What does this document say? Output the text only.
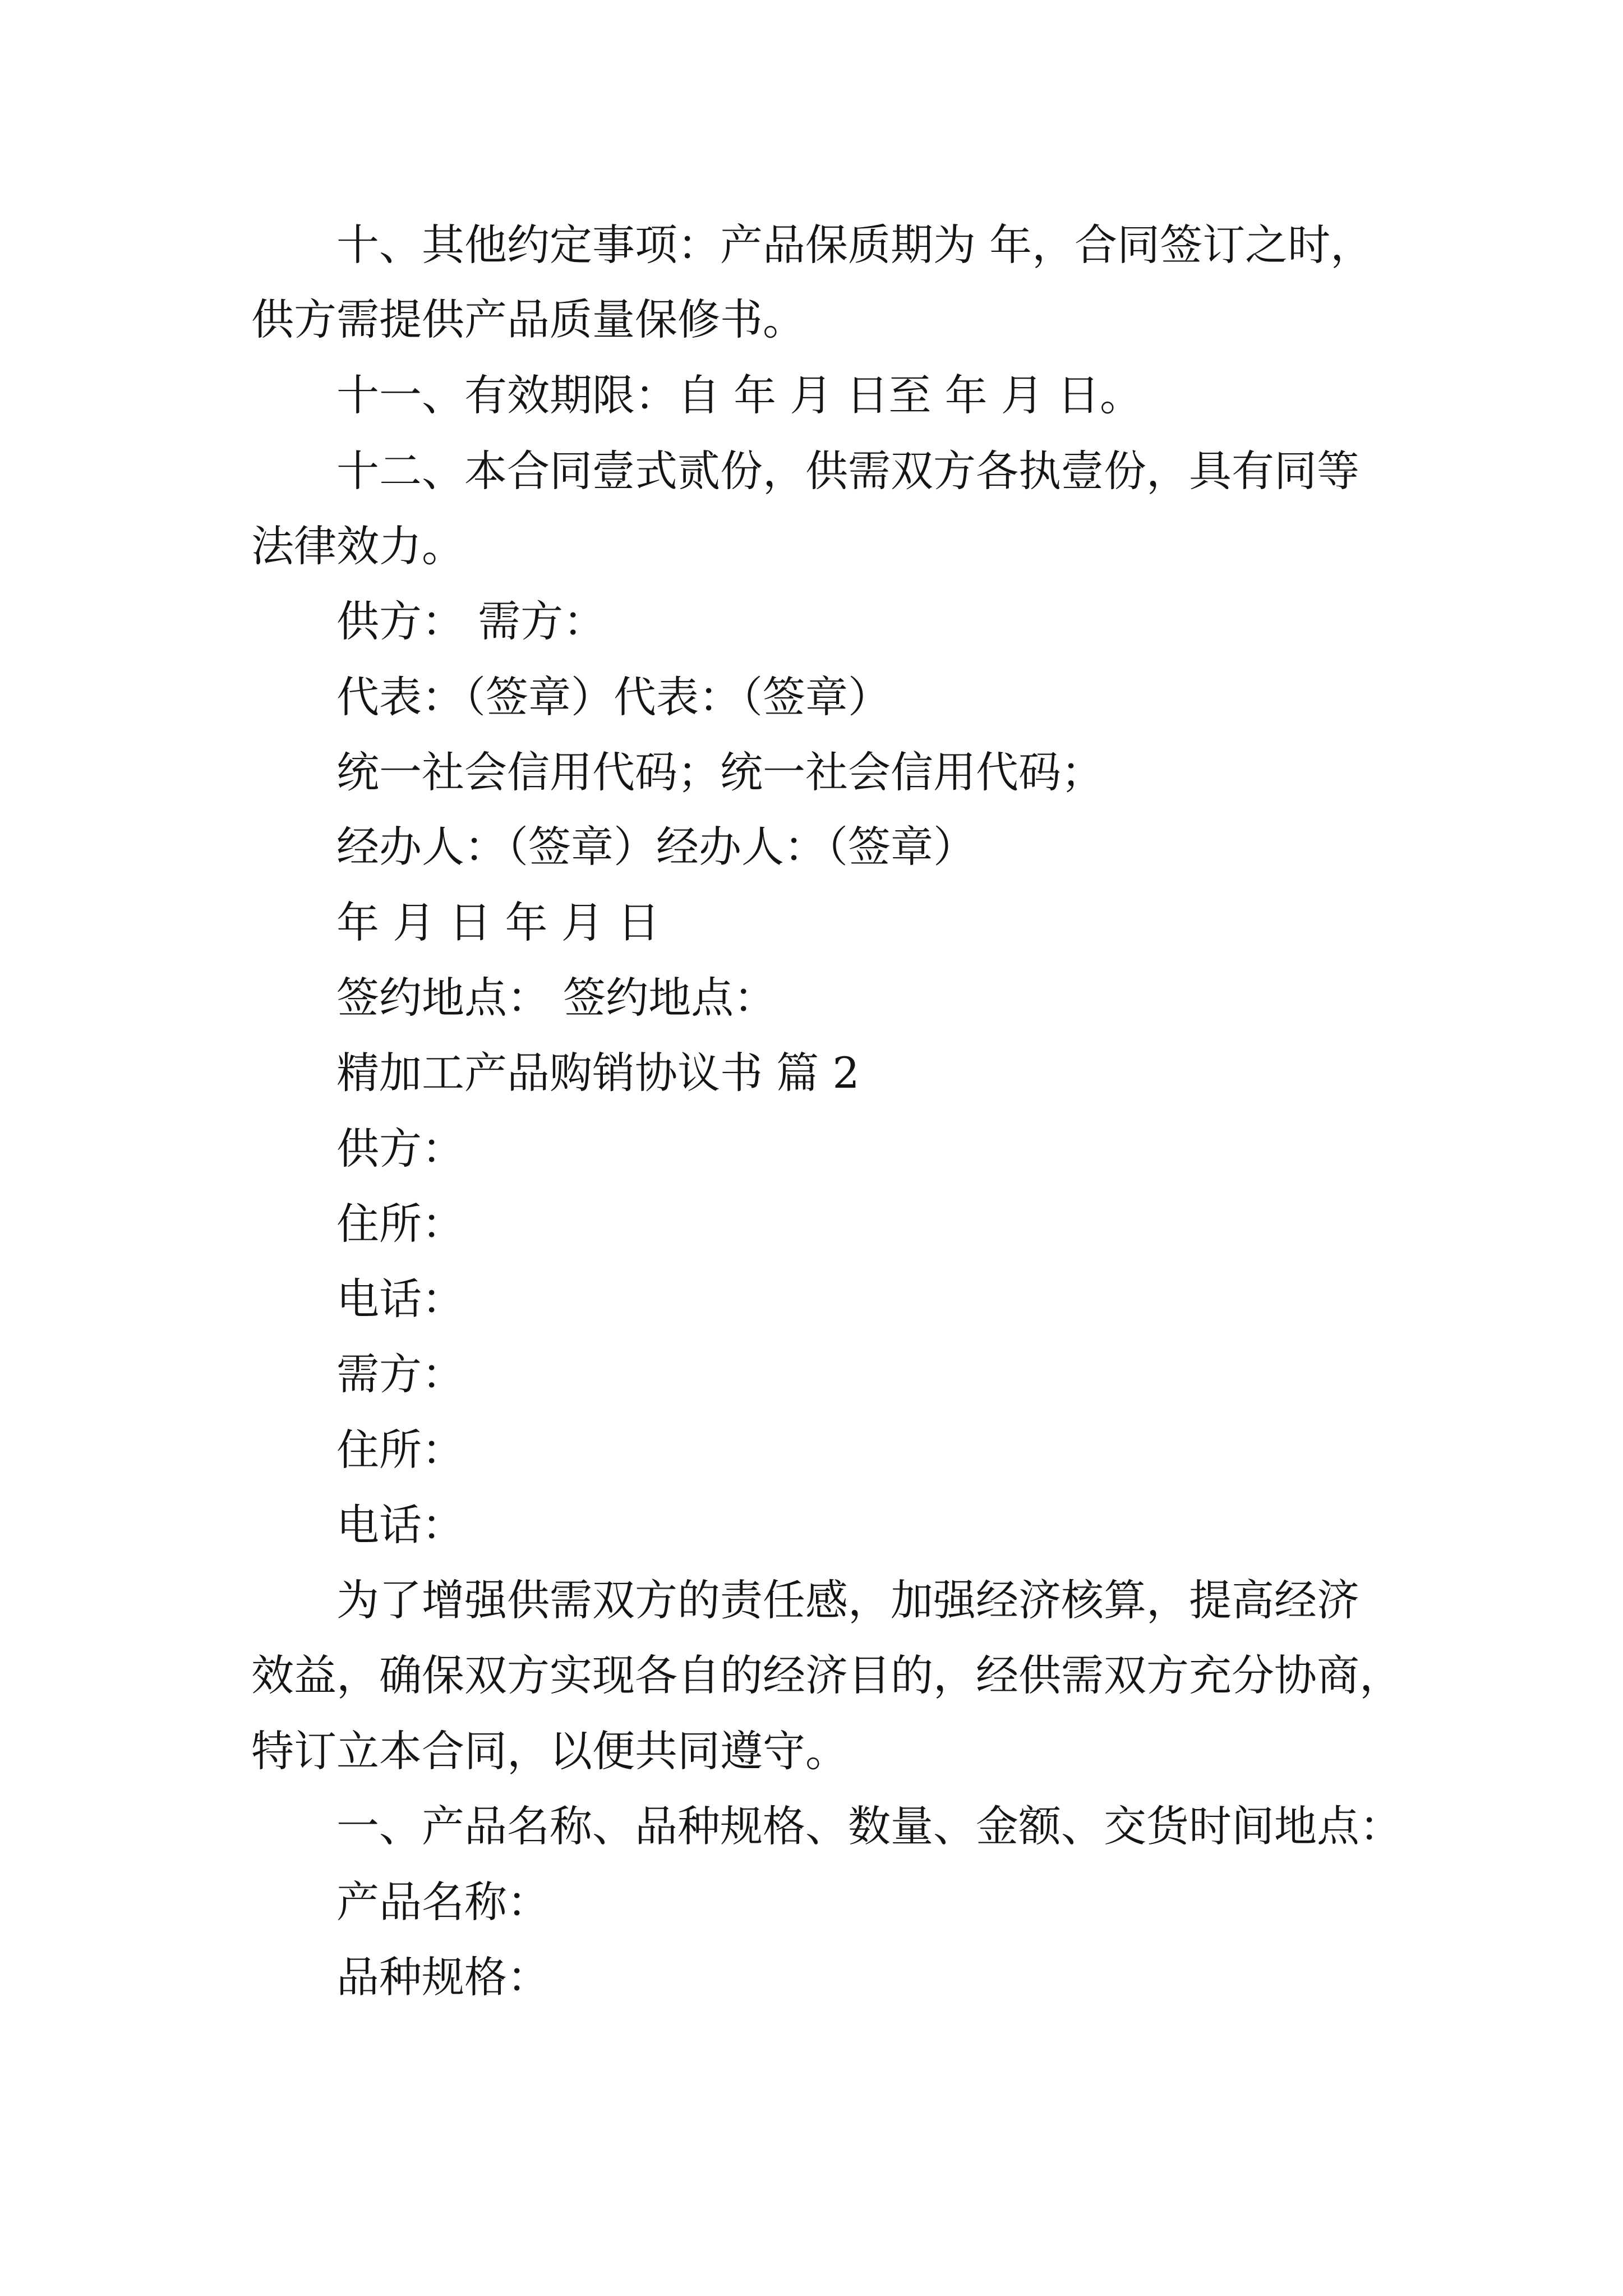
十、其他约定事项：产品保质期为 年，合同签订之时，
供方需提供产品质量保修书。
十一、有效期限：自 年 月 日至 年 月 日。
十二、本合同壹式贰份，供需双方各执壹份，具有同等
法律效力。
供方： 需方：
代表：（签章）代表：（签章）
统一社会信用代码；统一社会信用代码；
经办人：（签章）经办人：（签章）
年 月 日 年 月 日
签约地点： 签约地点：
精加工产品购销协议书 篇 2
供方：
住所：
电话：
需方：
住所：
电话：
为了增强供需双方的责任感，加强经济核算，提高经济
效益，确保双方实现各自的经济目的，经供需双方充分协商，
特订立本合同，以便共同遵守。
一、产品名称、品种规格、数量、金额、交货时间地点：
产品名称：
品种规格：
